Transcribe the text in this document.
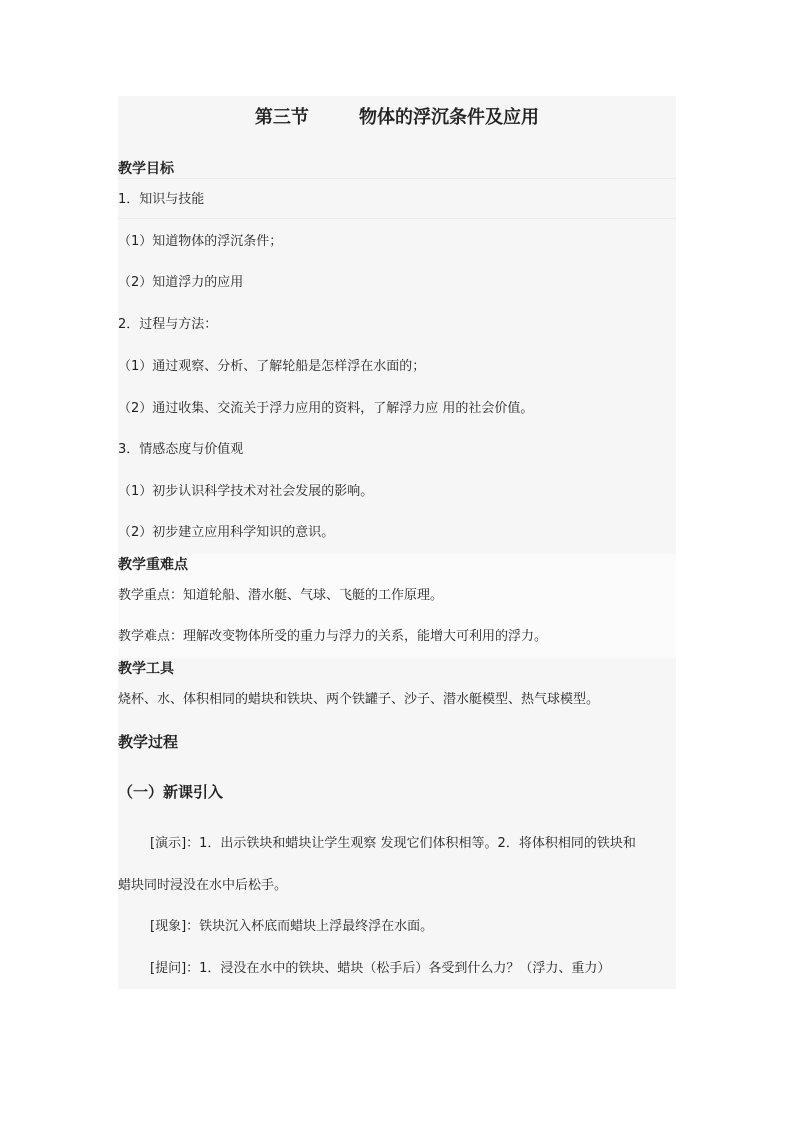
第三节        物体的浮沉条件及应用
教学目标
1．知识与技能
（1）知道物体的浮沉条件；
（2）知道浮力的应用
2．过程与方法：
（1）通过观察、分析、了解轮船是怎样浮在水面的；
（2）通过收集、交流关于浮力应用的资料，了解浮力应 用的社会价值。
3．情感态度与价值观
（1）初步认识科学技术对社会发展的影响。
（2）初步建立应用科学知识的意识。
教学重难点
教学重点：知道轮船、潜水艇、气球、飞艇的工作原理。
教学难点：理解改变物体所受的重力与浮力的关系，能增大可利用的浮力。
教学工具
烧杯、水、体积相同的蜡块和铁块、两个铁罐子、沙子、潜水艇模型、热气球模型。
教学过程
（一）新课引入
[演示]：1．出示铁块和蜡块让学生观察 发现它们体积相等。2．将体积相同的铁块和
蜡块同时浸没在水中后松手。
[现象]：铁块沉入杯底而蜡块上浮最终浮在水面。
[提问]：1．浸没在水中的铁块、蜡块（松手后）各受到什么力？（浮力、重力）
